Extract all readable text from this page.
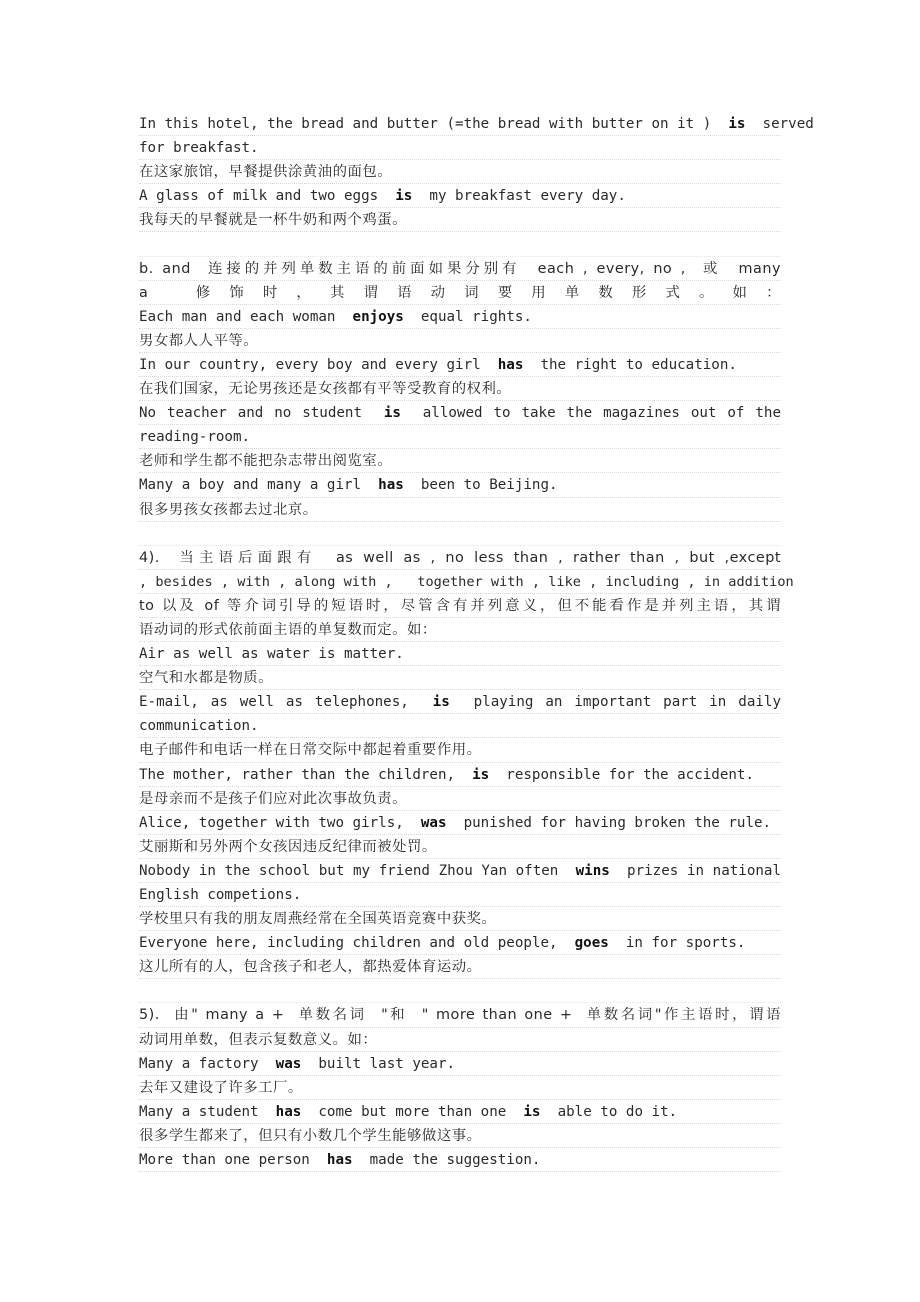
In this hotel, the bread and butter (=the bread with butter on it )  is  served
for breakfast.
在这家旅馆，早餐提供涂黄油的面包。
A glass of milk and two eggs  is  my breakfast every day.
我每天的早餐就是一杯牛奶和两个鸡蛋。
b. and  连接的并列单数主语的前面如果分别有  each , every, no ,  或  many
a  修饰时，其谓语动词要用单数形式。如：
Each man and each woman  enjoys  equal rights.
男女都人人平等。
In our country, every boy and every girl  has  the right to education.
在我们国家，无论男孩还是女孩都有平等受教育的权利。
No teacher and no student  is  allowed to take the magazines out of the
reading-room.
老师和学生都不能把杂志带出阅览室。
Many a boy and many a girl  has  been to Beijing.
很多男孩女孩都去过北京。
4).  当主语后面跟有  as well as , no less than , rather than , but ,except
, besides , with , along with ,   together with , like , including , in addition
to 以及 of 等介词引导的短语时，尽管含有并列意义，但不能看作是并列主语，其谓
语动词的形式依前面主语的单复数而定。如：
Air as well as water is matter.
空气和水都是物质。
E-mail, as well as telephones,  is  playing an important part in daily
communication.
电子邮件和电话一样在日常交际中都起着重要作用。
The mother, rather than the children,  is  responsible for the accident.
是母亲而不是孩子们应对此次事故负责。
Alice, together with two girls,  was  punished for having broken the rule.
艾丽斯和另外两个女孩因违反纪律而被处罚。
Nobody in the school but my friend Zhou Yan often  wins  prizes in national
English competions.
学校里只有我的朋友周燕经常在全国英语竞赛中获奖。
Everyone here, including children and old people,  goes  in for sports.
这儿所有的人，包含孩子和老人，都热爱体育运动。
5).  由" many a +  单数名词  "和  " more than one +  单数名词"作主语时，谓语
动词用单数，但表示复数意义。如：
Many a factory  was  built last year.
去年又建设了许多工厂。
Many a student  has  come but more than one  is  able to do it.
很多学生都来了，但只有小数几个学生能够做这事。
More than one person  has  made the suggestion.
